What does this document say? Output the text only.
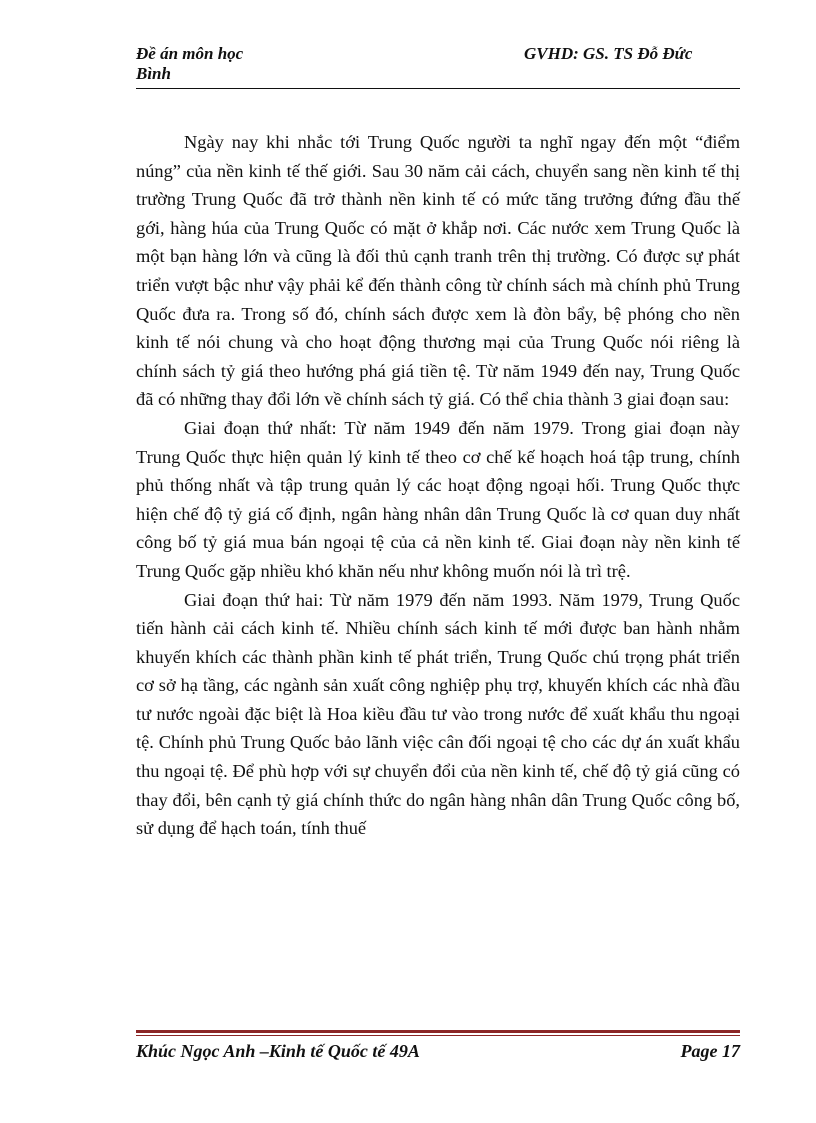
Đề án môn học
Bình
GVHD: GS. TS Đỗ Đức

Ngày nay khi nhắc tới Trung Quốc người ta nghĩ ngay đến một “điểm núng” của nền kinh tế thế giới. Sau 30 năm cải cách, chuyển sang nền kinh tế thị trường Trung Quốc đã trở thành nền kinh tế có mức tăng trưởng đứng đầu thế gới, hàng húa của Trung Quốc có mặt ở khắp nơi. Các nước xem Trung Quốc là một bạn hàng lớn và cũng là đối thủ cạnh tranh trên thị trường. Có được sự phát triển vượt bậc như vậy phải kể đến thành công từ chính sách mà chính phủ Trung Quốc đưa ra. Trong số đó, chính sách được xem là đòn bẩy, bệ phóng cho nền kinh tế nói chung và cho hoạt động thương mại của Trung Quốc nói riêng là chính sách tỷ giá theo hướng phá giá tiền tệ. Từ năm 1949 đến nay, Trung Quốc đã có những thay đổi lớn về chính sách tỷ giá. Có thể chia thành 3 giai đoạn sau:

Giai đoạn thứ nhất: Từ năm 1949 đến năm 1979. Trong giai đoạn này Trung Quốc thực hiện quản lý kinh tế theo cơ chế kế hoạch hoá tập trung, chính phủ thống nhất và tập trung quản lý các hoạt động ngoại hối. Trung Quốc thực hiện chế độ tỷ giá cố định, ngân hàng nhân dân Trung Quốc là cơ quan duy nhất công bố tỷ giá mua bán ngoại tệ của cả nền kinh tế. Giai đoạn này nền kinh tế Trung Quốc gặp nhiều khó khăn nếu như không muốn nói là trì trệ.

Giai đoạn thứ hai: Từ năm 1979 đến năm 1993. Năm 1979, Trung Quốc tiến hành cải cách kinh tế. Nhiều chính sách kinh tế mới được ban hành nhằm khuyến khích các thành phần kinh tế phát triển, Trung Quốc chú trọng phát triển cơ sở hạ tầng, các ngành sản xuất công nghiệp phụ trợ, khuyến khích các nhà đầu tư nước ngoài đặc biệt là Hoa kiều đầu tư vào trong nước để xuất khẩu thu ngoại tệ. Chính phủ Trung Quốc bảo lãnh việc cân đối ngoại tệ cho các dự án xuất khẩu thu ngoại tệ. Để phù hợp với sự chuyển đổi của nền kinh tế, chế độ tỷ giá cũng có thay đổi, bên cạnh tỷ giá chính thức do ngân hàng nhân dân Trung Quốc công bố, sử dụng để hạch toán, tính thuế

Khúc Ngọc Anh –Kinh tế Quốc tế 49A	Page 17
